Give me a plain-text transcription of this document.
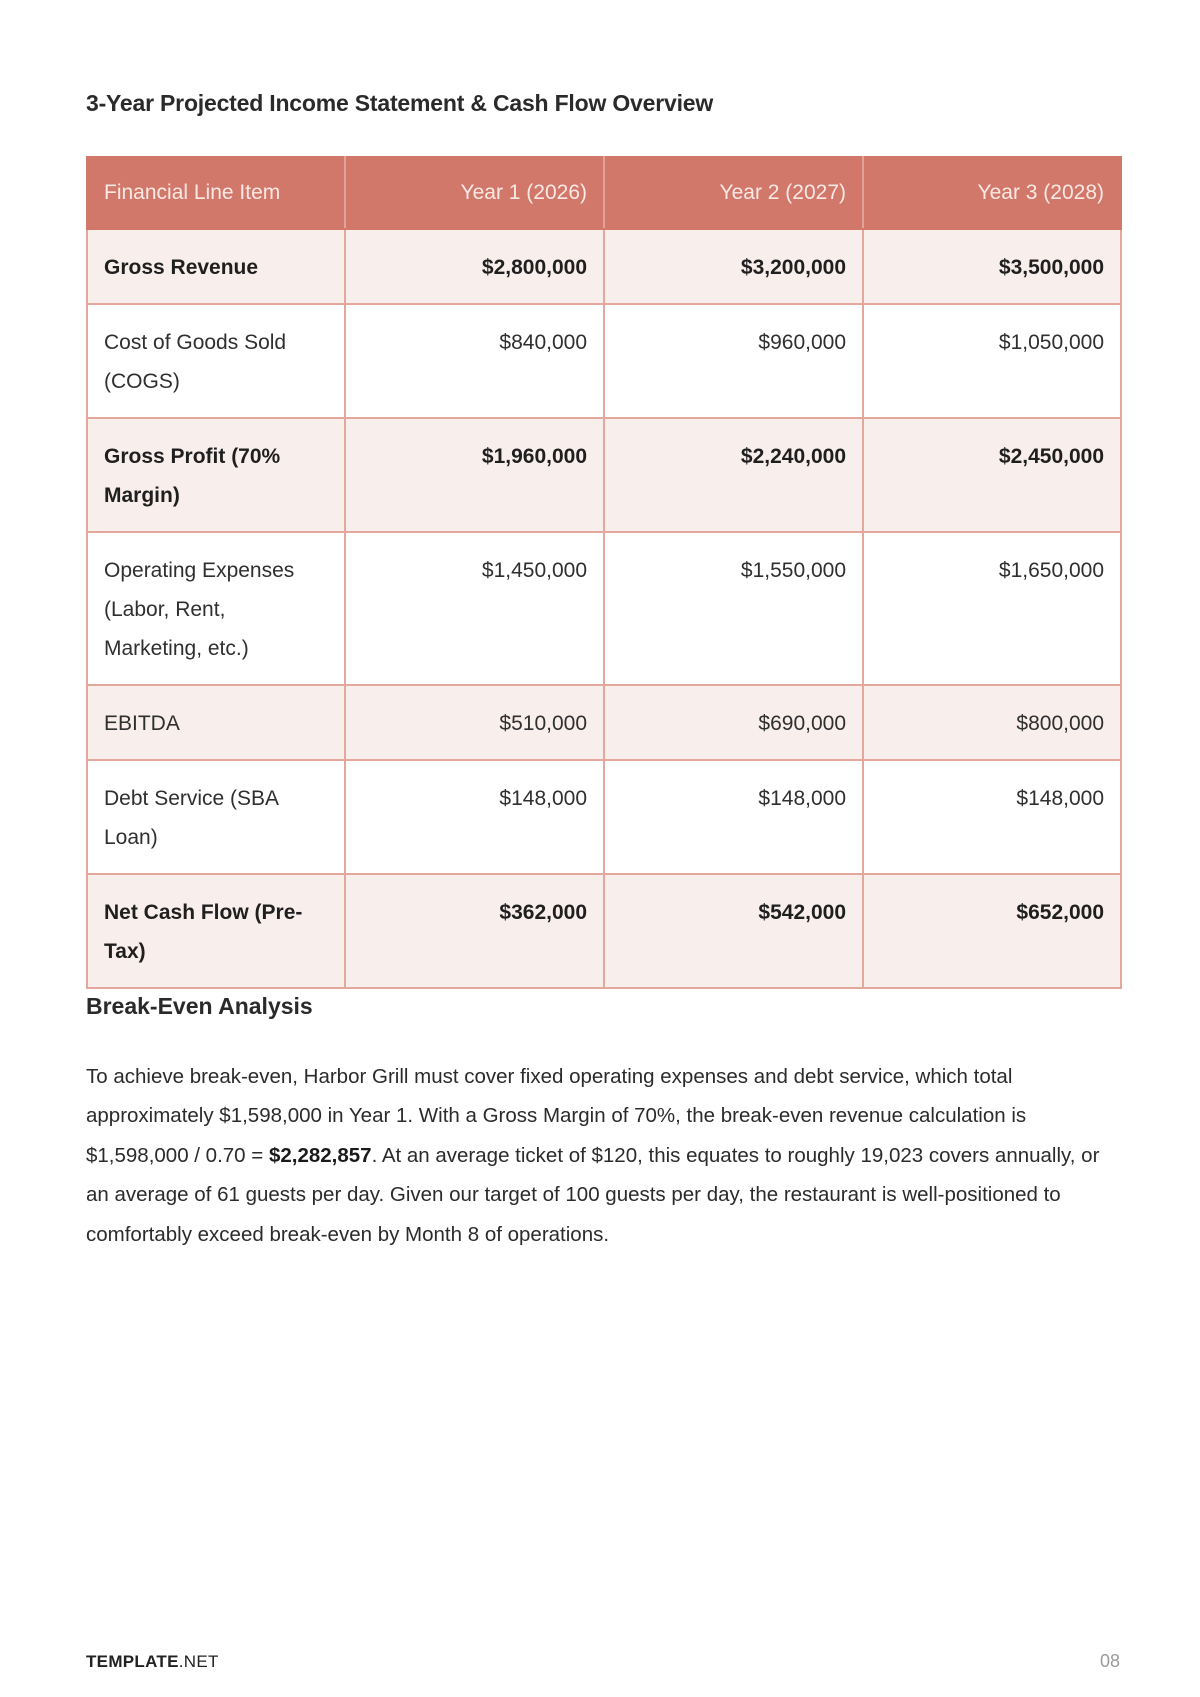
3-Year Projected Income Statement & Cash Flow Overview
Financial Line Item	Year 1 (2026)	Year 2 (2027)	Year 3 (2028)
Gross Revenue	$2,800,000	$3,200,000	$3,500,000
Cost of Goods Sold (COGS)	$840,000	$960,000	$1,050,000
Gross Profit (70% Margin)	$1,960,000	$2,240,000	$2,450,000
Operating Expenses (Labor, Rent, Marketing, etc.)	$1,450,000	$1,550,000	$1,650,000
EBITDA	$510,000	$690,000	$800,000
Debt Service (SBA Loan)	$148,000	$148,000	$148,000
Net Cash Flow (Pre-Tax)	$362,000	$542,000	$652,000
Break-Even Analysis

To achieve break-even, Harbor Grill must cover fixed operating expenses and debt service, which total approximately $1,598,000 in Year 1. With a Gross Margin of 70%, the break-even revenue calculation is $1,598,000 / 0.70 = $2,282,857. At an average ticket of $120, this equates to roughly 19,023 covers annually, or an average of 61 guests per day. Given our target of 100 guests per day, the restaurant is well-positioned to comfortably exceed break-even by Month 8 of operations.

TEMPLATE.NET	08
